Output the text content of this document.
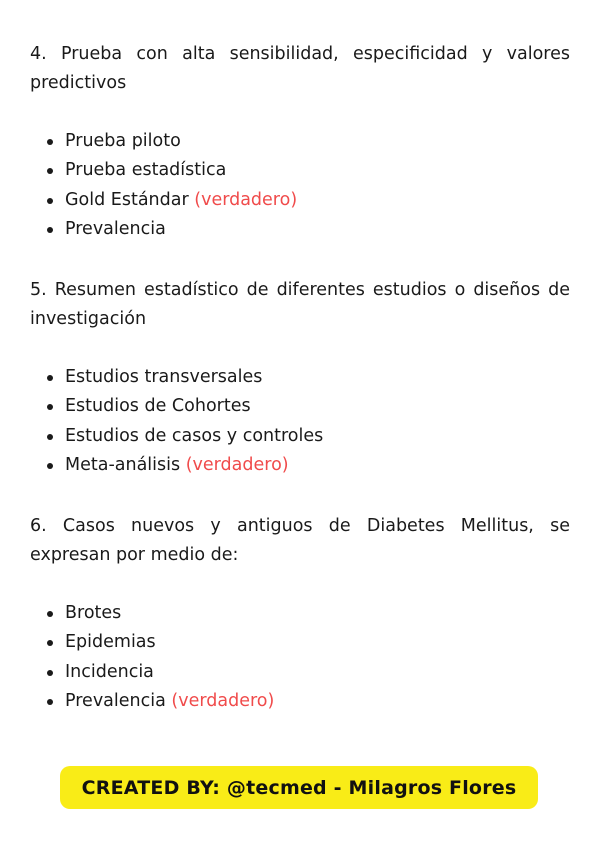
4. Prueba con alta sensibilidad, especificidad y valores predictivos

Prueba piloto
Prueba estadística
Gold Estándar (verdadero)
Prevalencia

5. Resumen estadístico de diferentes estudios o diseños de investigación

Estudios transversales
Estudios de Cohortes
Estudios de casos y controles
Meta-análisis (verdadero)

6. Casos nuevos y antiguos de Diabetes Mellitus, se expresan por medio de:

Brotes
Epidemias
Incidencia
Prevalencia (verdadero)
CREATED BY: @tecmed - Milagros Flores
